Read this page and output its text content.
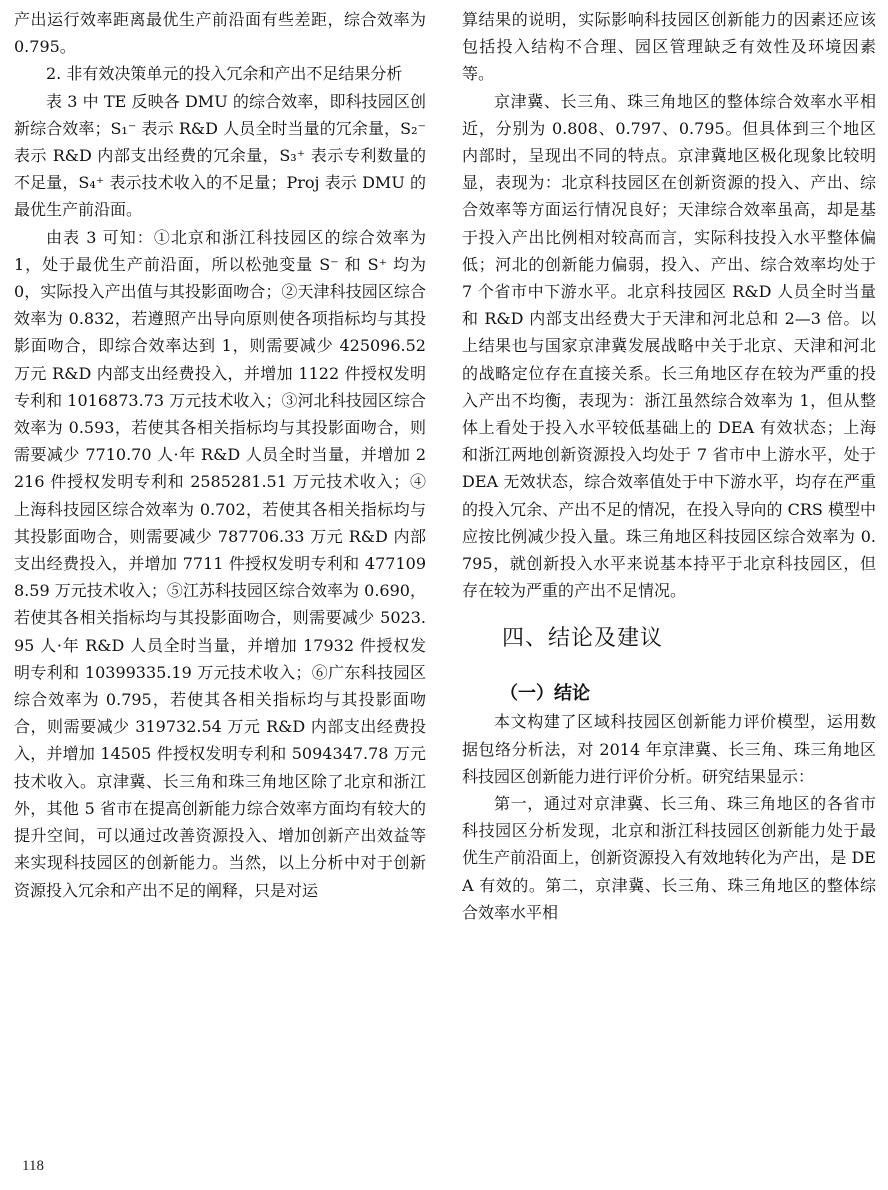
产出运行效率距离最优生产前沿面有些差距，综合效率为 0.795。

2. 非有效决策单元的投入冗余和产出不足结果分析

表 3 中 TE 反映各 DMU 的综合效率，即科技园区创新综合效率；S₁⁻ 表示 R&D 人员全时当量的冗余量，S₂⁻ 表示 R&D 内部支出经费的冗余量，S₃⁺ 表示专利数量的不足量，S₄⁺ 表示技术收入的不足量；Proj 表示 DMU 的最优生产前沿面。

由表 3 可知：①北京和浙江科技园区的综合效率为 1，处于最优生产前沿面，所以松弛变量 S⁻ 和 S⁺ 均为 0，实际投入产出值与其投影面吻合；②天津科技园区综合效率为 0.832，若遵照产出导向原则使各项指标均与其投影面吻合，即综合效率达到 1，则需要减少 425096.52 万元 R&D 内部支出经费投入，并增加 1122 件授权发明专利和 1016873.73 万元技术收入；③河北科技园区综合效率为 0.593，若使其各相关指标均与其投影面吻合，则需要减少 7710.70 人·年 R&D 人员全时当量，并增加 2216 件授权发明专利和 2585281.51 万元技术收入；④上海科技园区综合效率为 0.702，若使其各相关指标均与其投影面吻合，则需要减少 787706.33 万元 R&D 内部支出经费投入，并增加 7711 件授权发明专利和 4771098.59 万元技术收入；⑤江苏科技园区综合效率为 0.690，若使其各相关指标均与其投影面吻合，则需要减少 5023.95 人·年 R&D 人员全时当量，并增加 17932 件授权发明专利和 10399335.19 万元技术收入；⑥广东科技园区综合效率为 0.795，若使其各相关指标均与其投影面吻合，则需要减少 319732.54 万元 R&D 内部支出经费投入，并增加 14505 件授权发明专利和 5094347.78 万元技术收入。京津冀、长三角和珠三角地区除了北京和浙江外，其他 5 省市在提高创新能力综合效率方面均有较大的提升空间，可以通过改善资源投入、增加创新产出效益等来实现科技园区的创新能力。当然，以上分析中对于创新资源投入冗余和产出不足的阐释，只是对运

算结果的说明，实际影响科技园区创新能力的因素还应该包括投入结构不合理、园区管理缺乏有效性及环境因素等。

京津冀、长三角、珠三角地区的整体综合效率水平相近，分别为 0.808、0.797、0.795。但具体到三个地区内部时，呈现出不同的特点。京津冀地区极化现象比较明显，表现为：北京科技园区在创新资源的投入、产出、综合效率等方面运行情况良好；天津综合效率虽高，却是基于投入产出比例相对较高而言，实际科技投入水平整体偏低；河北的创新能力偏弱，投入、产出、综合效率均处于 7 个省市中下游水平。北京科技园区 R&D 人员全时当量和 R&D 内部支出经费大于天津和河北总和 2—3 倍。以上结果也与国家京津冀发展战略中关于北京、天津和河北的战略定位存在直接关系。长三角地区存在较为严重的投入产出不均衡，表现为：浙江虽然综合效率为 1，但从整体上看处于投入水平较低基础上的 DEA 有效状态；上海和浙江两地创新资源投入均处于 7 省市中上游水平，处于 DEA 无效状态，综合效率值处于中下游水平，均存在严重的投入冗余、产出不足的情况，在投入导向的 CRS 模型中应按比例减少投入量。珠三角地区科技园区综合效率为 0.795，就创新投入水平来说基本持平于北京科技园区，但存在较为严重的产出不足情况。

四、结论及建议
（一）结论

本文构建了区域科技园区创新能力评价模型，运用数据包络分析法，对 2014 年京津冀、长三角、珠三角地区科技园区创新能力进行评价分析。研究结果显示：

第一，通过对京津冀、长三角、珠三角地区的各省市科技园区分析发现，北京和浙江科技园区创新能力处于最优生产前沿面上，创新资源投入有效地转化为产出，是 DEA 有效的。第二，京津冀、长三角、珠三角地区的整体综合效率水平相

118
